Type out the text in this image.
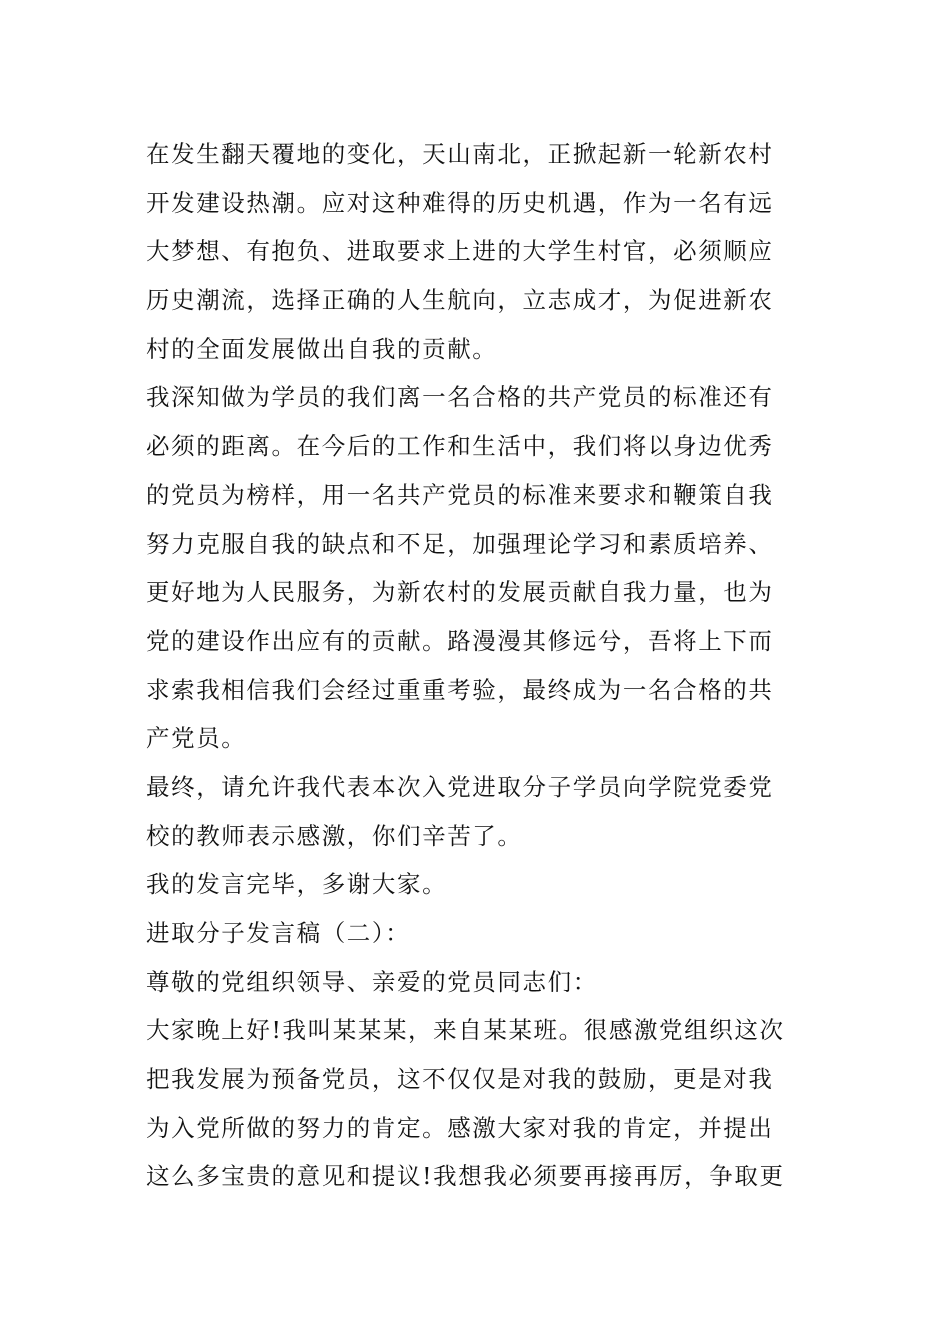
在发生翻天覆地的变化，天山南北，正掀起新一轮新农村
开发建设热潮。应对这种难得的历史机遇，作为一名有远
大梦想、有抱负、进取要求上进的大学生村官，必须顺应
历史潮流，选择正确的人生航向，立志成才，为促进新农
村的全面发展做出自我的贡献。
我深知做为学员的我们离一名合格的共产党员的标准还有
必须的距离。在今后的工作和生活中，我们将以身边优秀
的党员为榜样，用一名共产党员的标准来要求和鞭策自我
努力克服自我的缺点和不足，加强理论学习和素质培养、
更好地为人民服务，为新农村的发展贡献自我力量，也为
党的建设作出应有的贡献。路漫漫其修远兮，吾将上下而
求索我相信我们会经过重重考验，最终成为一名合格的共
产党员。
最终，请允许我代表本次入党进取分子学员向学院党委党
校的教师表示感激，你们辛苦了。
我的发言完毕，多谢大家。
进取分子发言稿（二）：
尊敬的党组织领导、亲爱的党员同志们：
大家晚上好!我叫某某某，来自某某班。很感激党组织这次
把我发展为预备党员，这不仅仅是对我的鼓励，更是对我
为入党所做的努力的肯定。感激大家对我的肯定，并提出
这么多宝贵的意见和提议!我想我必须要再接再厉，争取更
